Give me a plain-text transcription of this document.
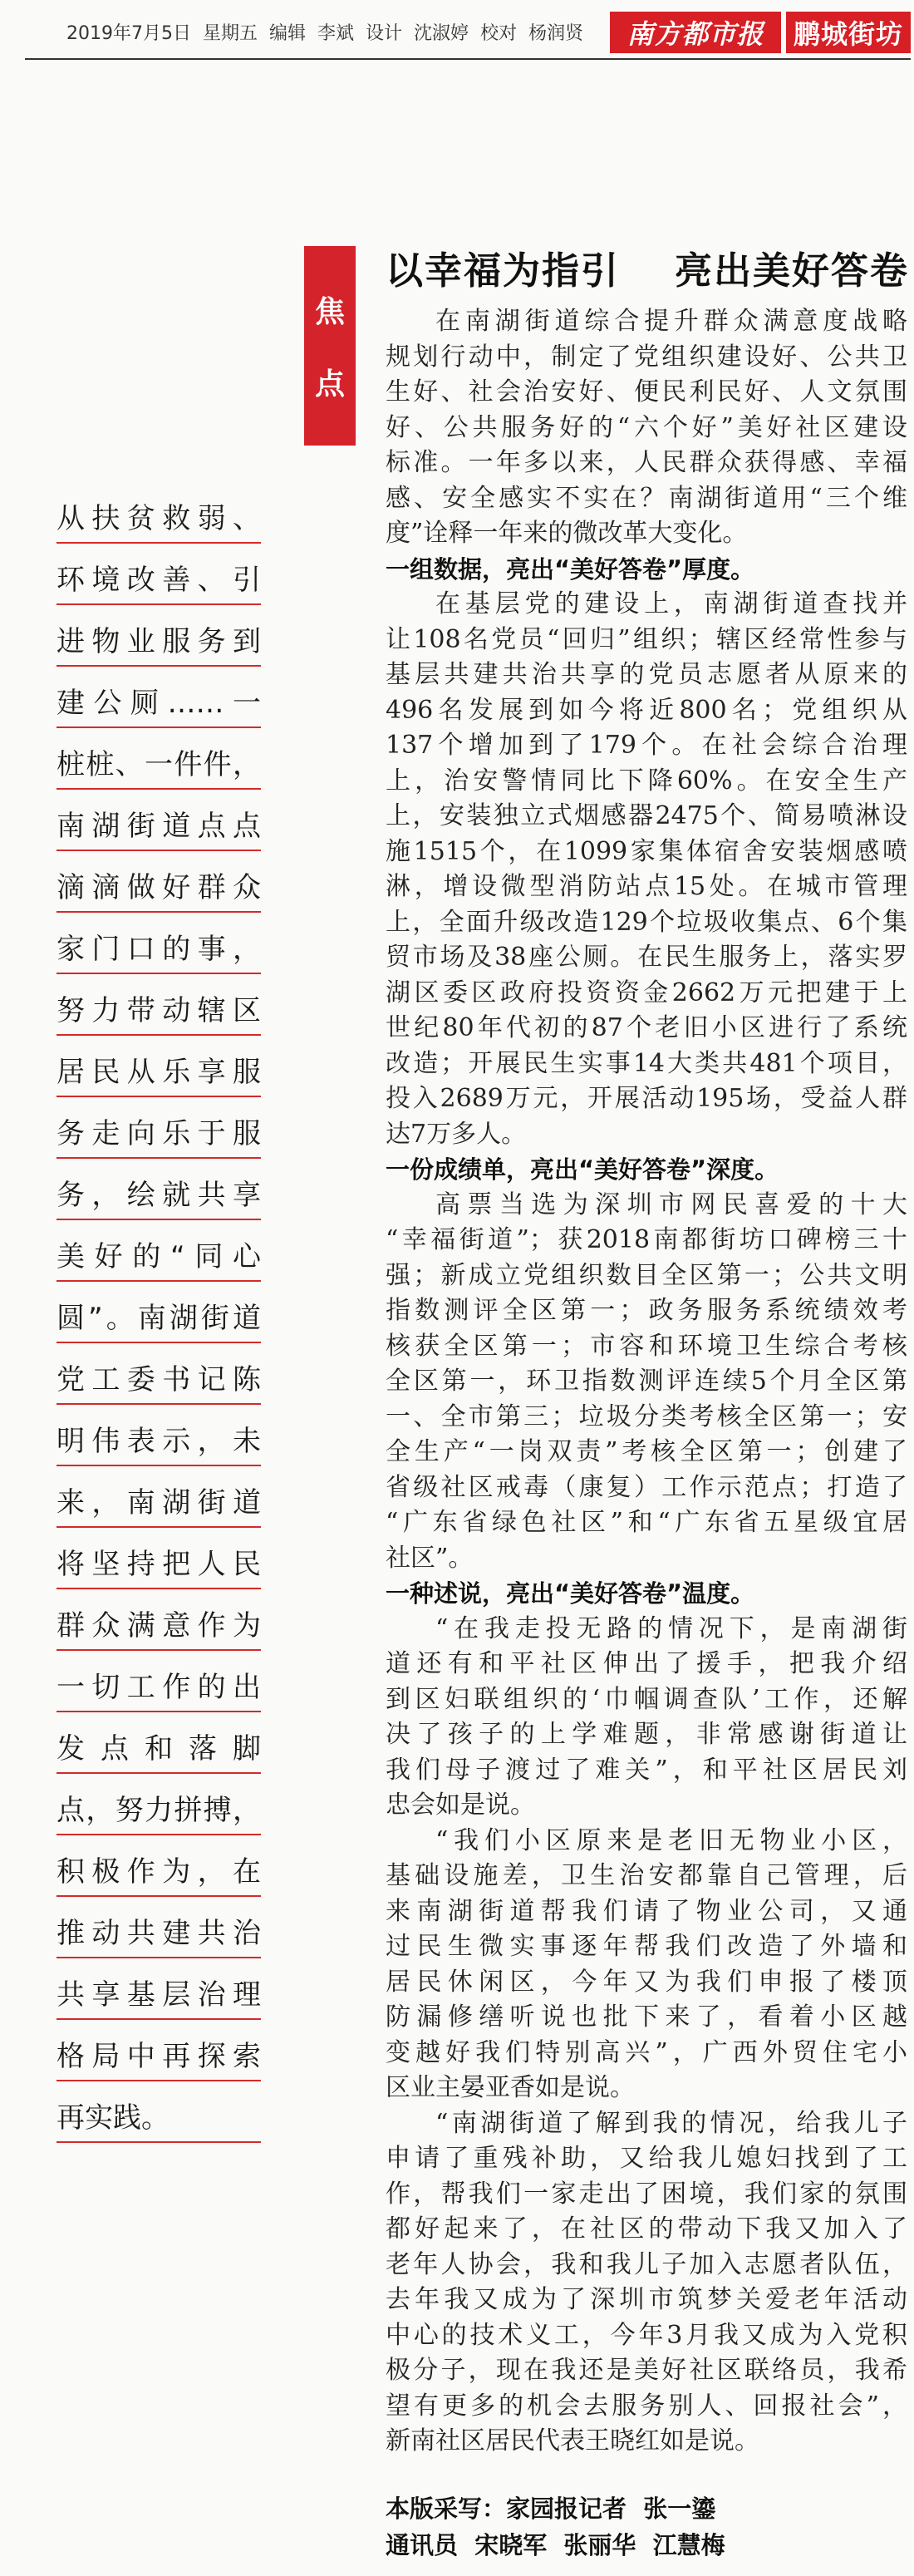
2019年7月5日 星期五 编辑 李斌 设计 沈淑婷 校对 杨润贤	南方都市报	鹏城街坊
焦
点
以幸福为指引 亮出美好答卷
从扶贫救弱、
环境改善、引
进物业服务到
建公厕……一
桩桩、一件件，
南湖街道点点
滴滴做好群众
家门口的事，
努力带动辖区
居民从乐享服
务走向乐于服
务，绘就共享
美好的“同心
圆”。南湖街道
党工委书记陈
明伟表示，未
来，南湖街道
将坚持把人民
群众满意作为
一切工作的出
发点和落脚
点，努力拼搏，
积极作为，在
推动共建共治
共享基层治理
格局中再探索
再实践。
在南湖街道综合提升群众满意度战略
规划行动中，制定了党组织建设好、公共卫
生好、社会治安好、便民利民好、人文氛围
好、公共服务好的“六个好”美好社区建设
标准。一年多以来，人民群众获得感、幸福
感、安全感实不实在？南湖街道用“三个维
度”诠释一年来的微改革大变化。
一组数据，亮出“美好答卷”厚度。
在基层党的建设上，南湖街道查找并
让108名党员“回归”组织；辖区经常性参与
基层共建共治共享的党员志愿者从原来的
496名发展到如今将近800名；党组织从
137个增加到了179个。在社会综合治理
上，治安警情同比下降60%。在安全生产
上，安装独立式烟感器2475个、简易喷淋设
施1515个，在1099家集体宿舍安装烟感喷
淋，增设微型消防站点15处。在城市管理
上，全面升级改造129个垃圾收集点、6个集
贸市场及38座公厕。在民生服务上，落实罗
湖区委区政府投资资金2662万元把建于上
世纪80年代初的87个老旧小区进行了系统
改造；开展民生实事14大类共481个项目，
投入2689万元，开展活动195场，受益人群
达7万多人。
一份成绩单，亮出“美好答卷”深度。
高票当选为深圳市网民喜爱的十大
“幸福街道”；获2018南都街坊口碑榜三十
强；新成立党组织数目全区第一；公共文明
指数测评全区第一；政务服务系统绩效考
核获全区第一；市容和环境卫生综合考核
全区第一，环卫指数测评连续5个月全区第
一、全市第三；垃圾分类考核全区第一；安
全生产“一岗双责”考核全区第一；创建了
省级社区戒毒（康复）工作示范点；打造了
“广东省绿色社区”和“广东省五星级宜居
社区”。
一种述说，亮出“美好答卷”温度。
“在我走投无路的情况下，是南湖街
道还有和平社区伸出了援手，把我介绍
到区妇联组织的‘巾帼调查队’工作，还解
决了孩子的上学难题，非常感谢街道让
我们母子渡过了难关”，和平社区居民刘
忠会如是说。
“我们小区原来是老旧无物业小区，
基础设施差，卫生治安都靠自己管理，后
来南湖街道帮我们请了物业公司，又通
过民生微实事逐年帮我们改造了外墙和
居民休闲区，今年又为我们申报了楼顶
防漏修缮听说也批下来了，看着小区越
变越好我们特别高兴”，广西外贸住宅小
区业主晏亚香如是说。
“南湖街道了解到我的情况，给我儿子
申请了重残补助，又给我儿媳妇找到了工
作，帮我们一家走出了困境，我们家的氛围
都好起来了，在社区的带动下我又加入了
老年人协会，我和我儿子加入志愿者队伍，
去年我又成为了深圳市筑梦关爱老年活动
中心的技术义工，今年3月我又成为入党积
极分子，现在我还是美好社区联络员，我希
望有更多的机会去服务别人、回报社会”，
新南社区居民代表王晓红如是说。
本版采写：家园报记者  张一鎏
通讯员  宋晓军  张丽华  江慧梅
